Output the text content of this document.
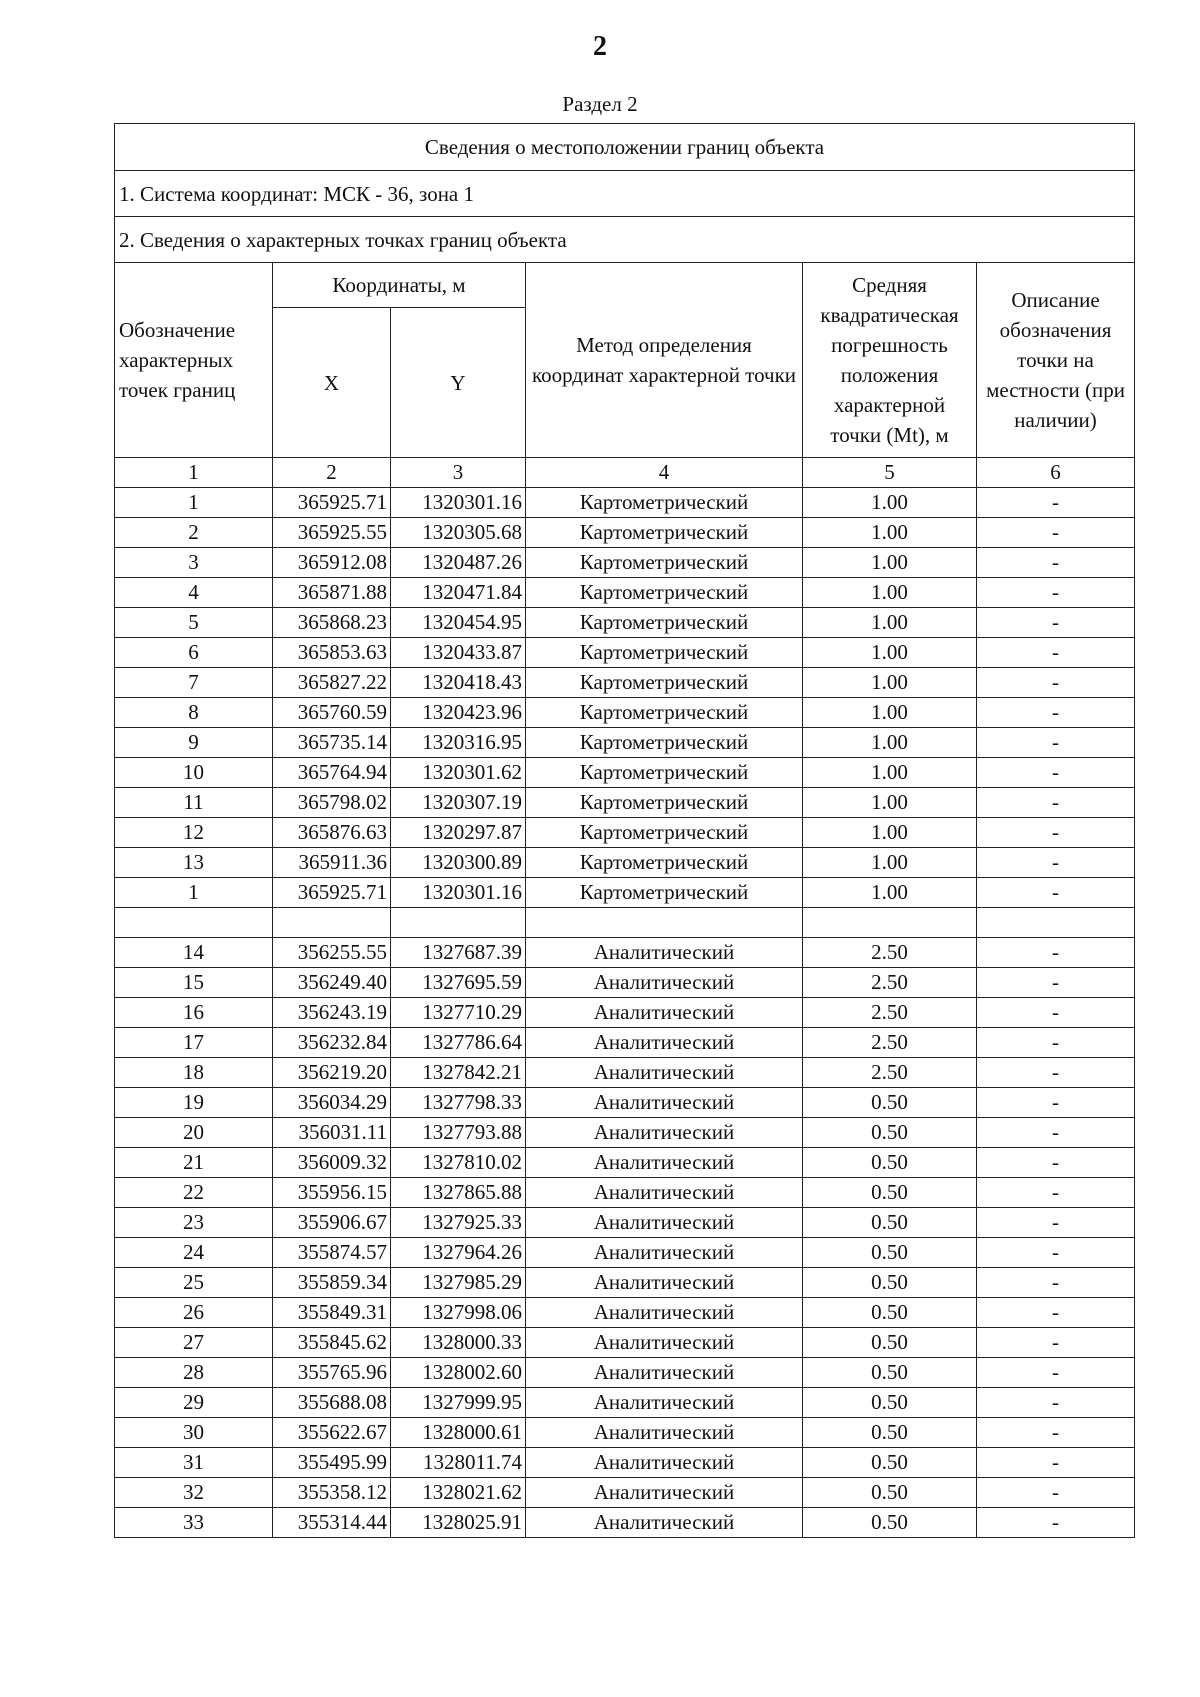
2
Раздел 2
Сведения о местоположении границ объекта					
1. Система координат: МСК - 36, зона 1					
2. Сведения о характерных точках границ объекта					
Обозначение характерных точек границ	Координаты, м		Метод определения координат характерной точки	Средняя квадратическая погрешность положения характерной точки (Mt), м	Описание обозначения точки на местности (при наличии)
	X	Y			
1	2	3	4	5	6
1	365925.71	1320301.16	Картометрический	1.00	-
2	365925.55	1320305.68	Картометрический	1.00	-
3	365912.08	1320487.26	Картометрический	1.00	-
4	365871.88	1320471.84	Картометрический	1.00	-
5	365868.23	1320454.95	Картометрический	1.00	-
6	365853.63	1320433.87	Картометрический	1.00	-
7	365827.22	1320418.43	Картометрический	1.00	-
8	365760.59	1320423.96	Картометрический	1.00	-
9	365735.14	1320316.95	Картометрический	1.00	-
10	365764.94	1320301.62	Картометрический	1.00	-
11	365798.02	1320307.19	Картометрический	1.00	-
12	365876.63	1320297.87	Картометрический	1.00	-
13	365911.36	1320300.89	Картометрический	1.00	-
1	365925.71	1320301.16	Картометрический	1.00	-

14	356255.55	1327687.39	Аналитический	2.50	-
15	356249.40	1327695.59	Аналитический	2.50	-
16	356243.19	1327710.29	Аналитический	2.50	-
17	356232.84	1327786.64	Аналитический	2.50	-
18	356219.20	1327842.21	Аналитический	2.50	-
19	356034.29	1327798.33	Аналитический	0.50	-
20	356031.11	1327793.88	Аналитический	0.50	-
21	356009.32	1327810.02	Аналитический	0.50	-
22	355956.15	1327865.88	Аналитический	0.50	-
23	355906.67	1327925.33	Аналитический	0.50	-
24	355874.57	1327964.26	Аналитический	0.50	-
25	355859.34	1327985.29	Аналитический	0.50	-
26	355849.31	1327998.06	Аналитический	0.50	-
27	355845.62	1328000.33	Аналитический	0.50	-
28	355765.96	1328002.60	Аналитический	0.50	-
29	355688.08	1327999.95	Аналитический	0.50	-
30	355622.67	1328000.61	Аналитический	0.50	-
31	355495.99	1328011.74	Аналитический	0.50	-
32	355358.12	1328021.62	Аналитический	0.50	-
33	355314.44	1328025.91	Аналитический	0.50	-
